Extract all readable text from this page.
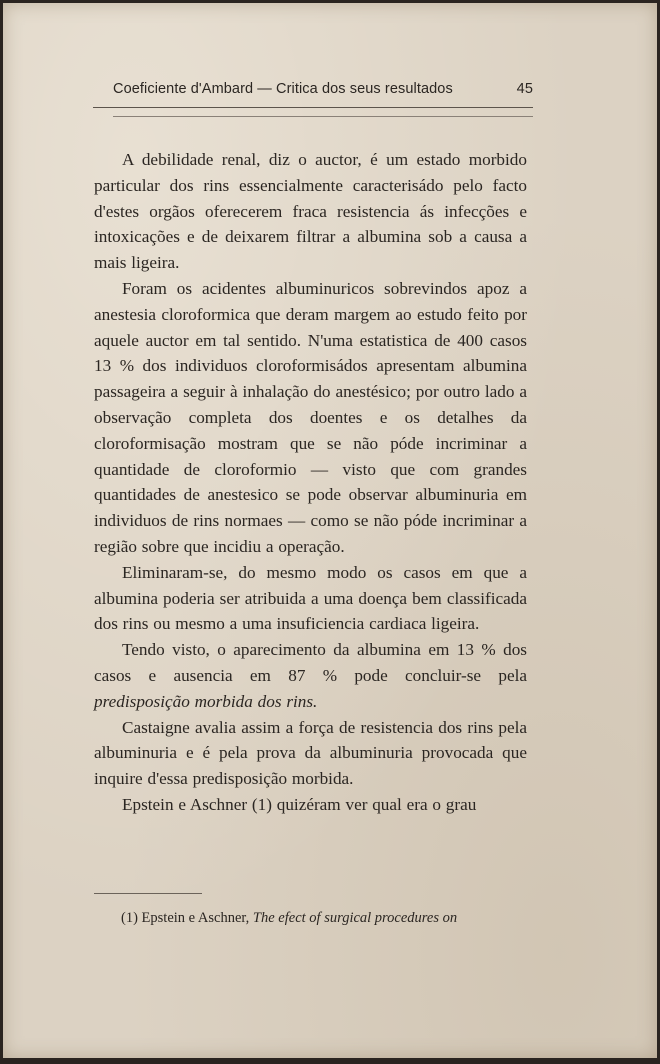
Coeficiente d'Ambard — Critica dos seus resultados	45

A debilidade renal, diz o auctor, é um estado morbido particular dos rins essencialmente caracterisádo pelo facto d'estes orgãos oferecerem fraca resistencia ás infecções e intoxicações e de deixarem filtrar a albumina sob a causa a mais ligeira.

Foram os acidentes albuminuricos sobrevindos apoz a anestesia cloroformica que deram margem ao estudo feito por aquele auctor em tal sentido. N'uma estatistica de 400 casos 13 % dos individuos cloroformisádos apresentam albumina passageira a seguir à inhalação do anestésico; por outro lado a observação completa dos doentes e os detalhes da cloroformisação mostram que se não póde incriminar a quantidade de cloroformio — visto que com grandes quantidades de anestesico se pode observar albuminuria em individuos de rins normaes — como se não póde incriminar a região sobre que incidiu a operação.

Eliminaram-se, do mesmo modo os casos em que a albumina poderia ser atribuida a uma doença bem classificada dos rins ou mesmo a uma insuficiencia cardiaca ligeira.

Tendo visto, o aparecimento da albumina em 13 % dos casos e ausencia em 87 % pode concluir-se pela predisposição morbida dos rins.

Castaigne avalia assim a força de resistencia dos rins pela albuminuria e é pela prova da albuminuria provocada que inquire d'essa predisposição morbida.

Epstein e Aschner (1) quizéram ver qual era o grau

(1) Epstein e Aschner, The efect of surgical procedures on
